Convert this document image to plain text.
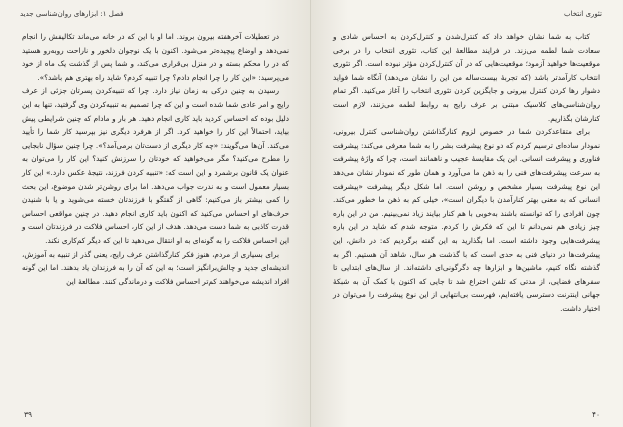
فصل ۱: ابزارهای روان‌شناسی جدید

در تعطیلات آخرهفته بیرون بروند. اما او با این که در خانه می‌ماند تکالیفش را انجام نمی‌دهد و اوضاع پیچیده‌تر می‌شود. اکنون با یک نوجوان دلخور و ناراحت روبه‌رو هستید که در را محکم بسته و در منزل بی‌قراری می‌کند، و شما پس از گذشت یک ماه از خود می‌پرسید: «این کار را چرا انجام دادم؟ چرا تنبیه کردم؟ شاید راه بهتری هم باشد؟».

رسیدن به چنین درکی به زمان نیاز دارد. چرا که تنبیه‌کردن پسرتان جزئی از عرف رایج و امر عادی شما شده است و این که چرا تصمیم به تنبیه‌کردن وی گرفتید، تنها به این دلیل بوده که احساس کردید باید کاری انجام دهید. هر بار و مادام که چنین شرایطی پیش بیاید، احتمالاً این کار را خواهید کرد. اگر از هرفرد دیگری نیز بپرسید کار شما را تأیید می‌کند. آن‌ها می‌گویند: «چه کار دیگری از دست‌تان برمی‌آمد؟». چرا چنین سؤال نابجایی را مطرح می‌کنید؟ مگر می‌خواهید که خودتان را سرزنش کنید؟ این کار را می‌توان به عنوان یک قانون برشمرد و این است که: «تنبیه کردن فرزند، نتیجهٔ عکس دارد.» این کار بسیار معمول است و به ندرت جواب می‌دهد. اما برای روشن‌تر شدن موضوع، این بحث را کمی بیشتر باز می‌کنیم: گاهی از گفتگو با فرزندتان خسته می‌شوید و یا با شنیدن حرف‌های او احساس می‌کنید که اکنون باید کاری انجام دهید. در چنین مواقعی احساس قدرت کاذبی به شما دست می‌دهد. هدف از این کار، احساس فلاکت در فرزندتان است و این احساس فلاکت را به گونه‌ای به او انتقال می‌دهید تا این که دیگر کم‌کاری نکند.

برای بسیاری از مردم، هنوز فکر کنار‌گذاشتن عرف رایج، یعنی گذر از تنبیه به آموزش، اندیشه‌ای جدید و چالش‌برانگیز است؛ به این که آن را به فرزندان یاد بدهند. اما این گونه افراد اندیشه می‌خواهند کم‌تر احساس فلاکت و درماندگی کنند. مطالعهٔ این

۳۹
تئوری انتخاب

کتاب به شما نشان خواهد داد که کنترل‌شدن و کنترل‌کردن به احساس شادی و سعادت شما لطمه می‌زند. در فرایند مطالعهٔ این کتاب، تئوری انتخاب را در برخی موقعیت‌ها خواهید آزمود؛ موقعیت‌هایی که در آن کنترل‌کردن مؤثر نبوده است. اگر تئوری انتخاب کارآمدتر باشد (که تجربهٔ بیست‌ساله من این را نشان می‌دهد) آنگاه شما فواید دشوار رها کردن کنترل بیرونی و جایگزین کردن تئوری انتخاب را آغاز می‌کنید. اگر تمام روان‌شناسی‌های کلاسیک مبتنی بر عرف رایج به روابط لطمه می‌زنند، لازم است کنارشان بگذاریم.

برای متقاعدکردن شما در خصوص لزوم کنارگذاشتن روان‌شناسی کنترل بیرونی، نمودار ساده‌ای ترسیم کردم که دو نوع پیشرفت بشر را به شما معرفی می‌کند: پیشرفت فناوری و پیشرفت انسانی. این یک مقایسهٔ عجیب و ناهمانند است، چرا که واژهٔ پیشرفت به سرعت پیشرفت‌های فنی را به ذهن ما می‌آورد و همان طور که نمودار نشان می‌دهد این نوع پیشرفت بسیار مشخص و روشن است. اما شکل دیگر پیشرفت «پیشرفت انسانی که به معنی بهتر کنارآمدن با دیگران است»، خیلی کم به ذهن ما خطور می‌کند. چون افرادی را که توانسته باشند به‌خوبی با هم کنار بیایند زیاد نمی‌بینیم. من در این باره چیز زیادی هم نمی‌دانم تا این که فکرش را کردم. متوجه شدم که شاید در این باره پیشرفت‌هایی وجود داشته است. اما بگذارید به این گفته برگردیم که: در دانش، این پیشرفت‌ها در دنیای فنی به حدی است که با گذشت هر سال، شاهد آن هستیم. اگر به گذشته نگاه کنیم، ماشین‌ها و ابزارها چه دگرگونی‌ای داشته‌اند. از سال‌های ابتدایی تا سفرهای فضایی، از مدتی که تلفن اختراع شد تا جایی که اکنون با کمک آن به شبکهٔ جهانی اینترنت دسترسی یافته‌ایم، فهرست بی‌انتهایی از این نوع پیشرفت را می‌توان در اختیار داشت.

۴۰
